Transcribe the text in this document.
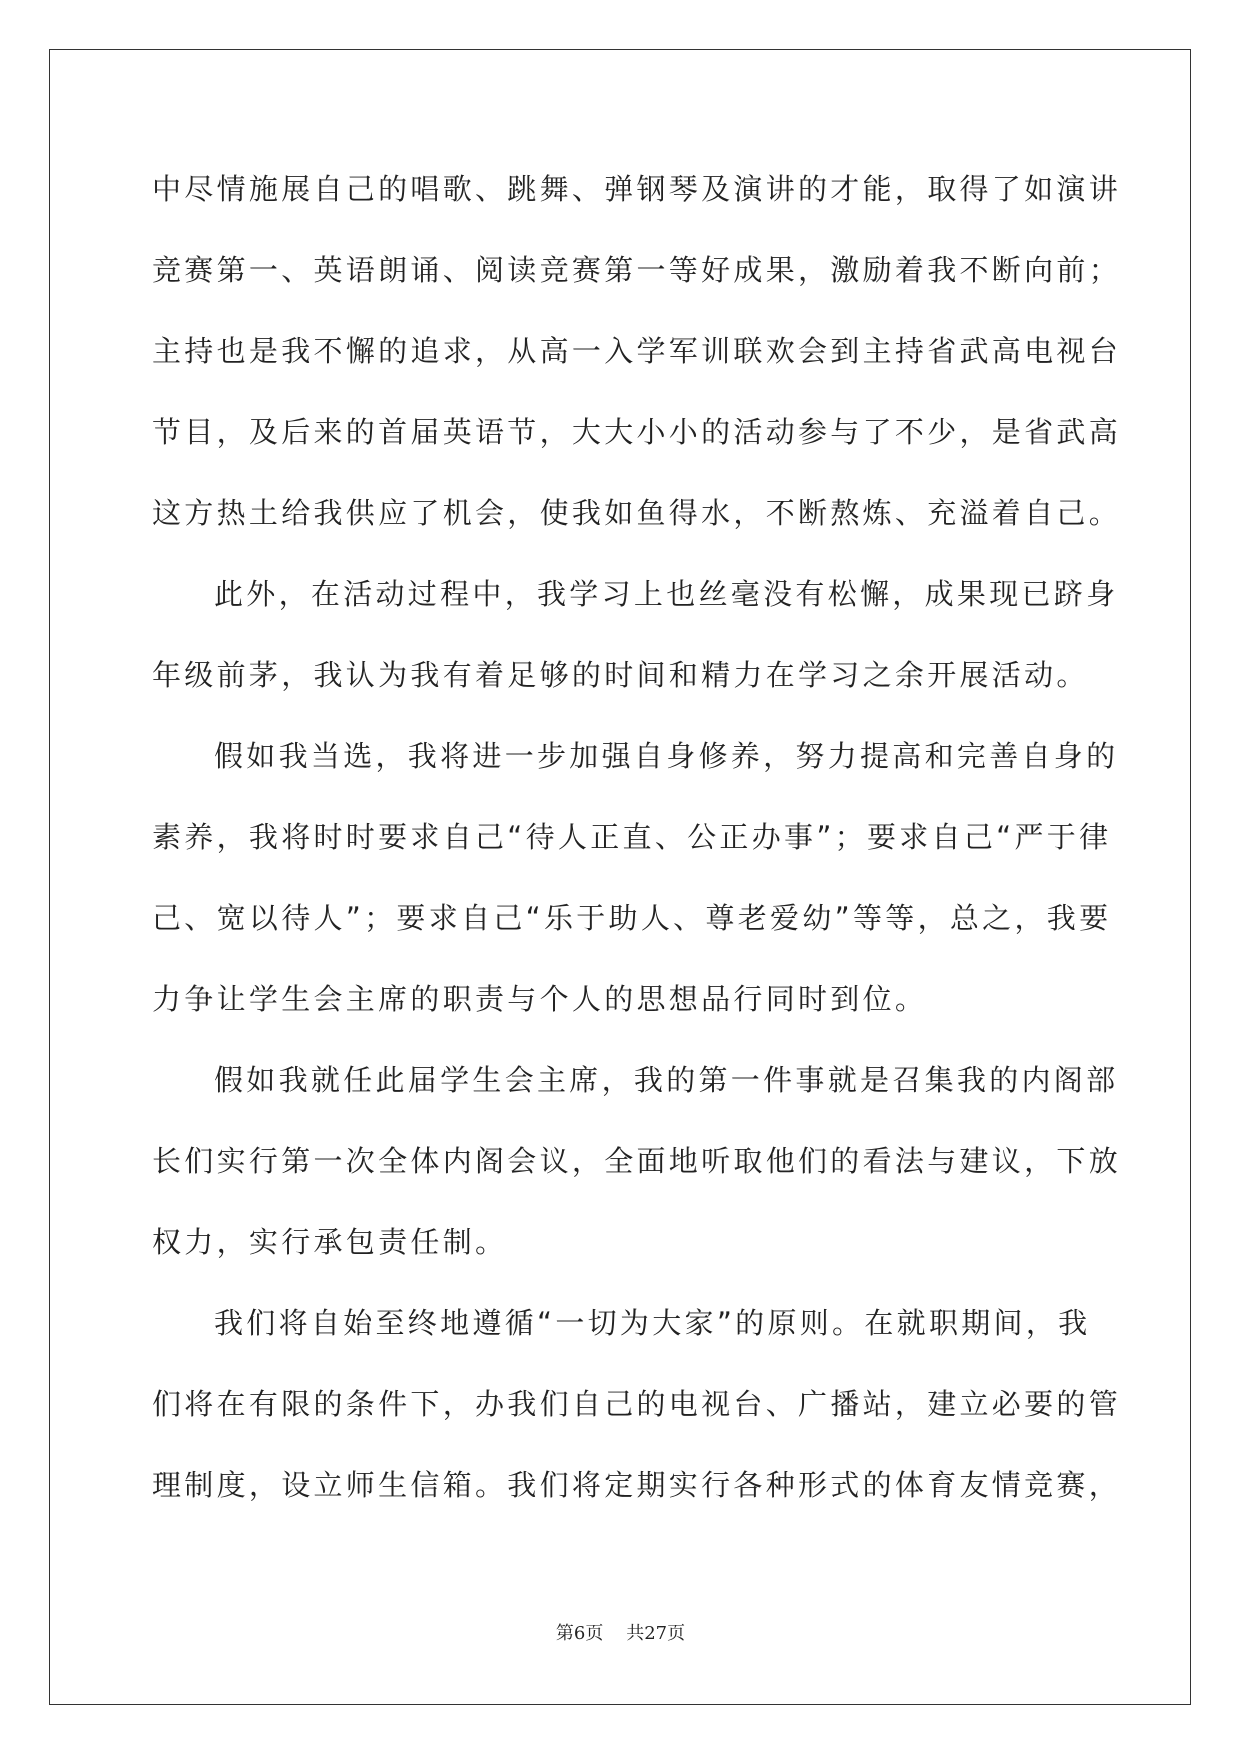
中尽情施展自己的唱歌、跳舞、弹钢琴及演讲的才能，取得了如演讲
竞赛第一、英语朗诵、阅读竞赛第一等好成果，激励着我不断向前；
主持也是我不懈的追求，从高一入学军训联欢会到主持省武高电视台
节目，及后来的首届英语节，大大小小的活动参与了不少，是省武高
这方热土给我供应了机会，使我如鱼得水，不断熬炼、充溢着自己。
此外，在活动过程中，我学习上也丝毫没有松懈，成果现已跻身
年级前茅，我认为我有着足够的时间和精力在学习之余开展活动。
假如我当选，我将进一步加强自身修养，努力提高和完善自身的
素养，我将时时要求自己“待人正直、公正办事”；要求自己“严于律
己、宽以待人”；要求自己“乐于助人、尊老爱幼”等等，总之，我要
力争让学生会主席的职责与个人的思想品行同时到位。
假如我就任此届学生会主席，我的第一件事就是召集我的内阁部
长们实行第一次全体内阁会议，全面地听取他们的看法与建议，下放
权力，实行承包责任制。
我们将自始至终地遵循“一切为大家”的原则。在就职期间，我
们将在有限的条件下，办我们自己的电视台、广播站，建立必要的管
理制度，设立师生信箱。我们将定期实行各种形式的体育友情竞赛，
第6页 共27页
